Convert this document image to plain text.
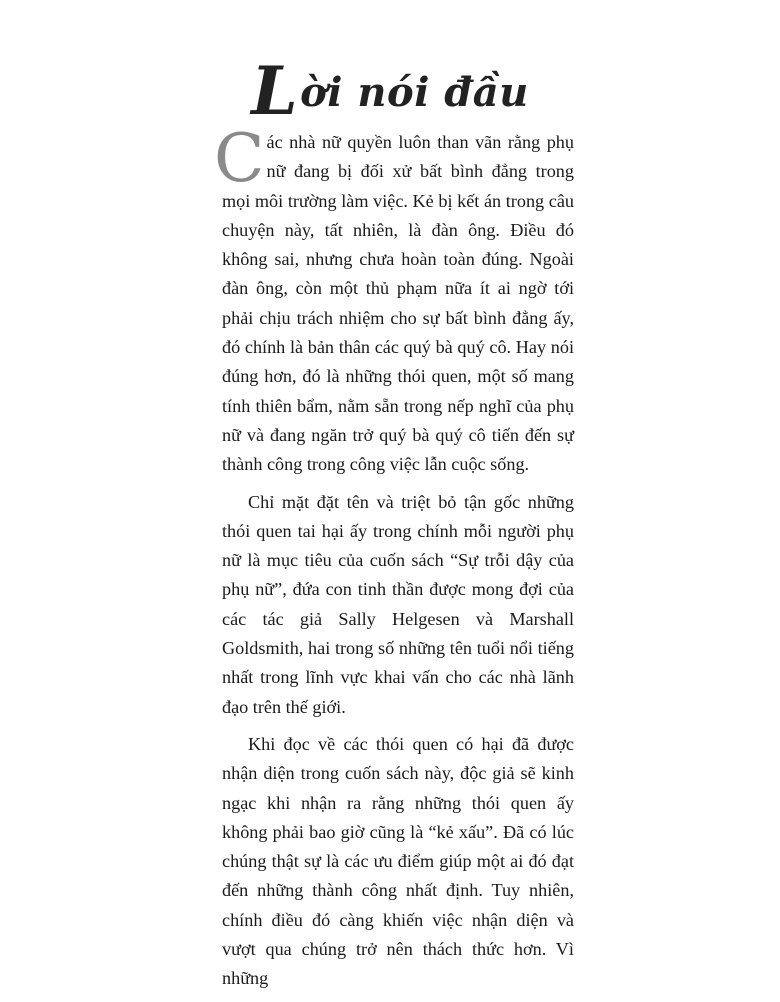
Lời nói đầu

Các nhà nữ quyền luôn than vãn rằng phụ nữ đang bị đối xử bất bình đẳng trong mọi môi trường làm việc. Kẻ bị kết án trong câu chuyện này, tất nhiên, là đàn ông. Điều đó không sai, nhưng chưa hoàn toàn đúng. Ngoài đàn ông, còn một thủ phạm nữa ít ai ngờ tới phải chịu trách nhiệm cho sự bất bình đẳng ấy, đó chính là bản thân các quý bà quý cô. Hay nói đúng hơn, đó là những thói quen, một số mang tính thiên bẩm, nằm sẵn trong nếp nghĩ của phụ nữ và đang ngăn trở quý bà quý cô tiến đến sự thành công trong công việc lẫn cuộc sống.

Chỉ mặt đặt tên và triệt bỏ tận gốc những thói quen tai hại ấy trong chính mỗi người phụ nữ là mục tiêu của cuốn sách “Sự trỗi dậy của phụ nữ”, đứa con tinh thần được mong đợi của các tác giả Sally Helgesen và Marshall Goldsmith, hai trong số những tên tuổi nổi tiếng nhất trong lĩnh vực khai vấn cho các nhà lãnh đạo trên thế giới.

Khi đọc về các thói quen có hại đã được nhận diện trong cuốn sách này, độc giả sẽ kinh ngạc khi nhận ra rằng những thói quen ấy không phải bao giờ cũng là “kẻ xấu”. Đã có lúc chúng thật sự là các ưu điểm giúp một ai đó đạt đến những thành công nhất định. Tuy nhiên, chính điều đó càng khiến việc nhận diện và vượt qua chúng trở nên thách thức hơn. Vì những
